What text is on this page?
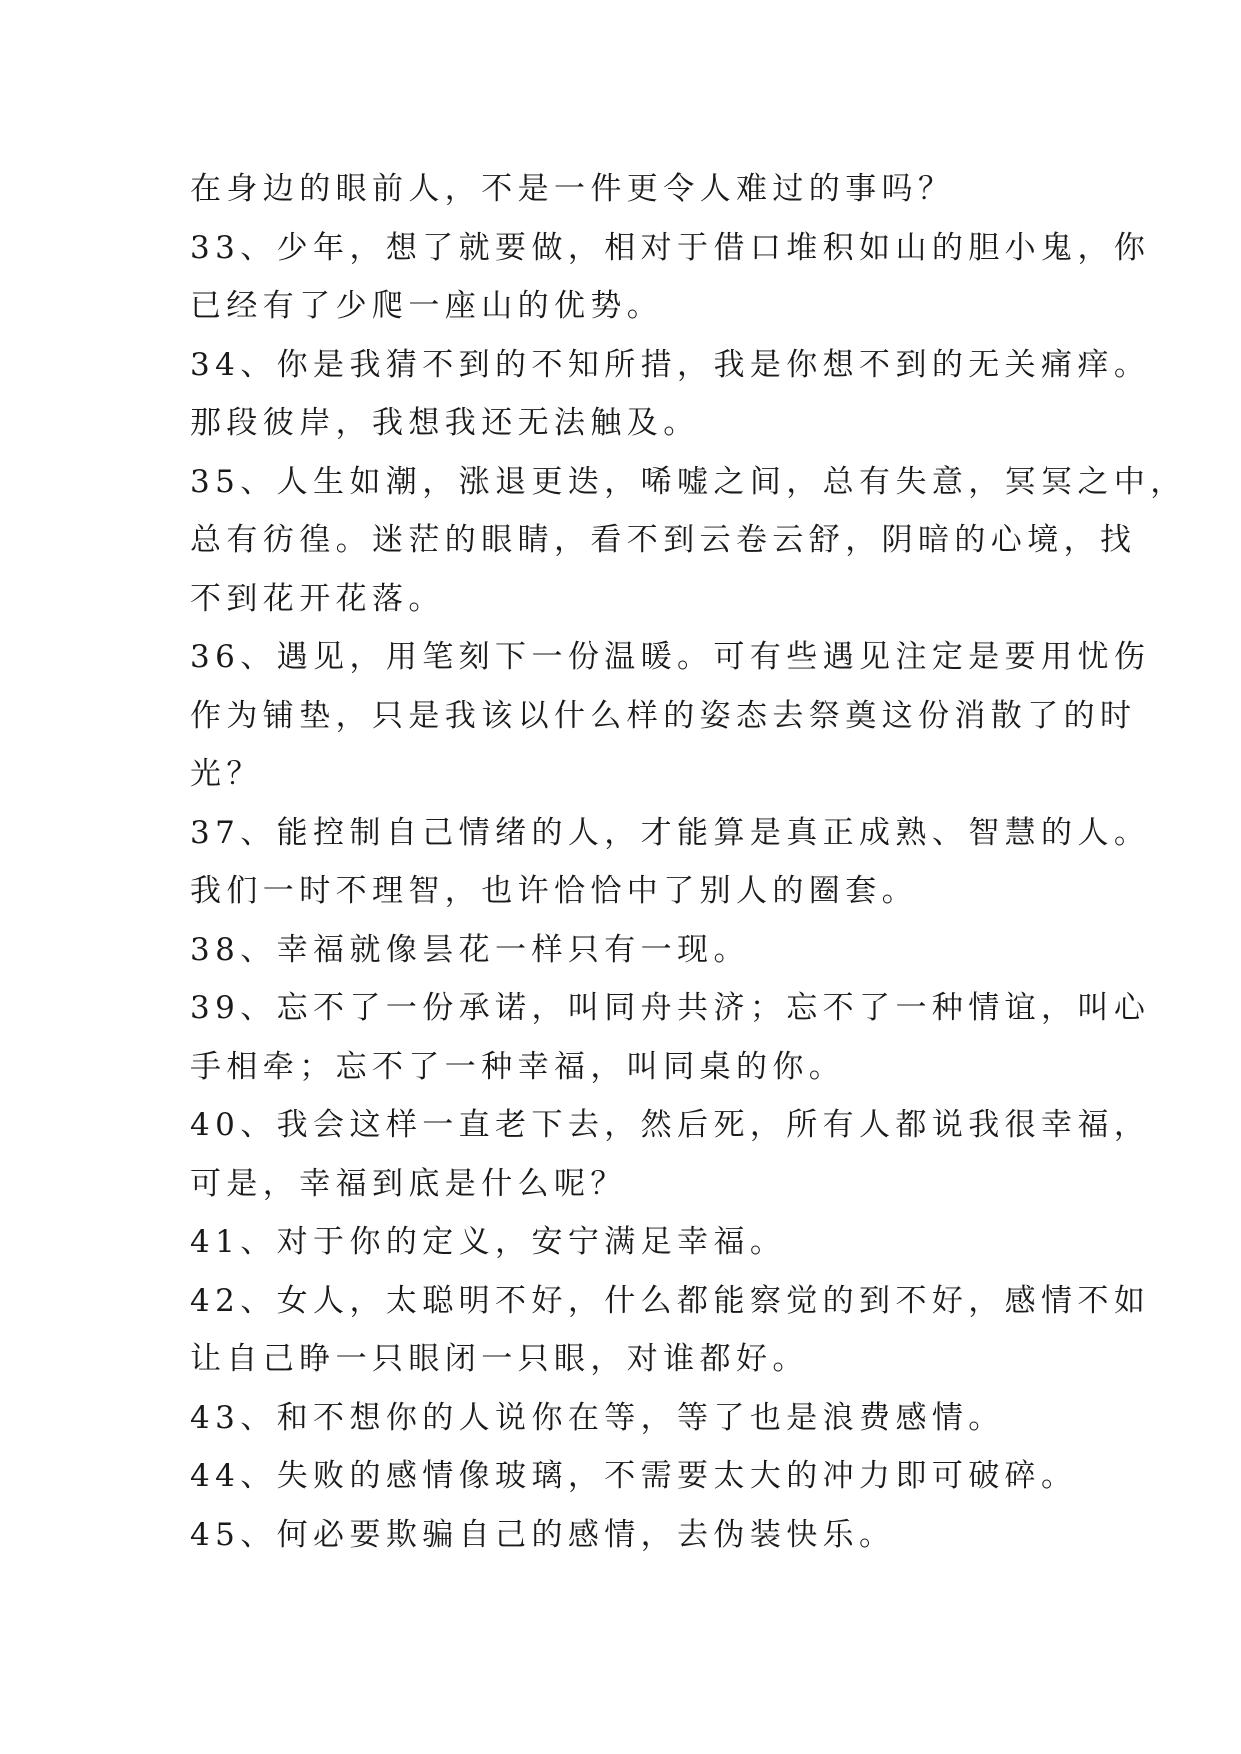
在身边的眼前人，不是一件更令人难过的事吗？
33、少年，想了就要做，相对于借口堆积如山的胆小鬼，你
已经有了少爬一座山的优势。
34、你是我猜不到的不知所措，我是你想不到的无关痛痒。
那段彼岸，我想我还无法触及。
35、人生如潮，涨退更迭，唏嘘之间，总有失意，冥冥之中，
总有彷徨。迷茫的眼睛，看不到云卷云舒，阴暗的心境，找
不到花开花落。
36、遇见，用笔刻下一份温暖。可有些遇见注定是要用忧伤
作为铺垫，只是我该以什么样的姿态去祭奠这份消散了的时
光？
37、能控制自己情绪的人，才能算是真正成熟、智慧的人。
我们一时不理智，也许恰恰中了别人的圈套。
38、幸福就像昙花一样只有一现。
39、忘不了一份承诺，叫同舟共济；忘不了一种情谊，叫心
手相牵；忘不了一种幸福，叫同桌的你。
40、我会这样一直老下去，然后死，所有人都说我很幸福，
可是，幸福到底是什么呢？
41、对于你的定义，安宁满足幸福。
42、女人，太聪明不好，什么都能察觉的到不好，感情不如
让自己睁一只眼闭一只眼，对谁都好。
43、和不想你的人说你在等，等了也是浪费感情。
44、失败的感情像玻璃，不需要太大的冲力即可破碎。
45、何必要欺骗自己的感情，去伪装快乐。
